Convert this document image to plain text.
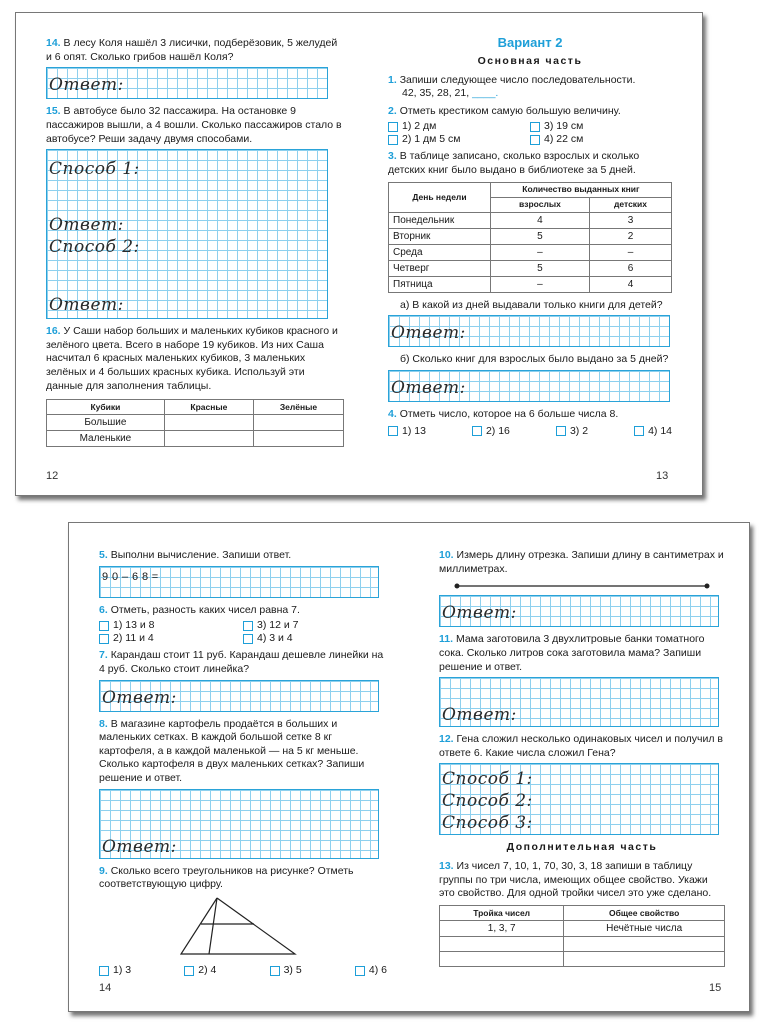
14. В лесу Коля нашёл 3 лисички, подберёзовик, 5 желудей и 6 опят. Сколько грибов нашёл Коля?

Ответ:

15. В автобусе было 32 пассажира. На остановке 9 пассажиров вышли, а 4 вошли. Сколько пассажиров стало в автобусе? Реши задачу двумя способами.

Способ 1:
Ответ:
Способ 2:
Ответ:

16. У Саши набор больших и маленьких кубиков красного и зелёного цвета. Всего в наборе 19 кубиков. Из них Саша насчитал 6 красных маленьких кубиков, 3 маленьких зелёных и 4 больших красных кубика. Используй эти данные для заполнения таблицы.

Кубики	Красные	Зелёные
Большие		
Маленькие		
12
Вариант 2
Основная часть

1. Запиши следующее число последовательности.

42, 35, 28, 21, ____.

2. Отметь крестиком самую большую величину.

1) 2 дм	3) 19 см
2) 1 дм 5 см	4) 22 см

3. В таблице записано, сколько взрослых и сколько детских книг было выдано в библиотеке за 5 дней.

День недели	Количество выданных книг	
	взрослых	детских
Понедельник	4	3
Вторник	5	2
Среда	–	–
Четверг	5	6
Пятница	–	4

а) В какой из дней выдавали только книги для детей?

Ответ:

б) Сколько книг для взрослых было выдано за 5 дней?

Ответ:

4. Отметь число, которое на 6 больше числа 8.

1) 13	2) 16	3) 2	4) 14
13

5. Выполни вычисление. Запиши ответ.

9 0 – 6 8 =

6. Отметь, разность каких чисел равна 7.

1) 13 и 8	3) 12 и 7
2) 11 и 4	4) 3 и 4

7. Карандаш стоит 11 руб. Карандаш дешевле линейки на 4 руб. Сколько стоит линейка?

Ответ:

8. В магазине картофель продаётся в больших и маленьких сетках. В каждой большой сетке 8 кг картофеля, а в каждой маленькой — на 5 кг меньше. Сколько картофеля в двух маленьких сетках? Запиши решение и ответ.

Ответ:

9. Сколько всего треугольников на рисунке? Отметь соответствующую цифру.

1) 3	2) 4	3) 5	4) 6
14

10. Измерь длину отрезка. Запиши длину в сантиметрах и миллиметрах.

Ответ:

11. Мама заготовила 3 двухлитровые банки томатного сока. Сколько литров сока заготовила мама? Запиши решение и ответ.

Ответ:

12. Гена сложил несколько одинаковых чисел и получил в ответе 6. Какие числа сложил Гена?

Способ 1:
Способ 2:
Способ 3:
Дополнительная часть

13. Из чисел 7, 10, 1, 70, 30, 3, 18 запиши в таблицу группы по три числа, имеющих общее свойство. Укажи это свойство. Для одной тройки чисел это уже сделано.

Тройка чисел	Общее свойство
1, 3, 7	Нечётные числа

15
